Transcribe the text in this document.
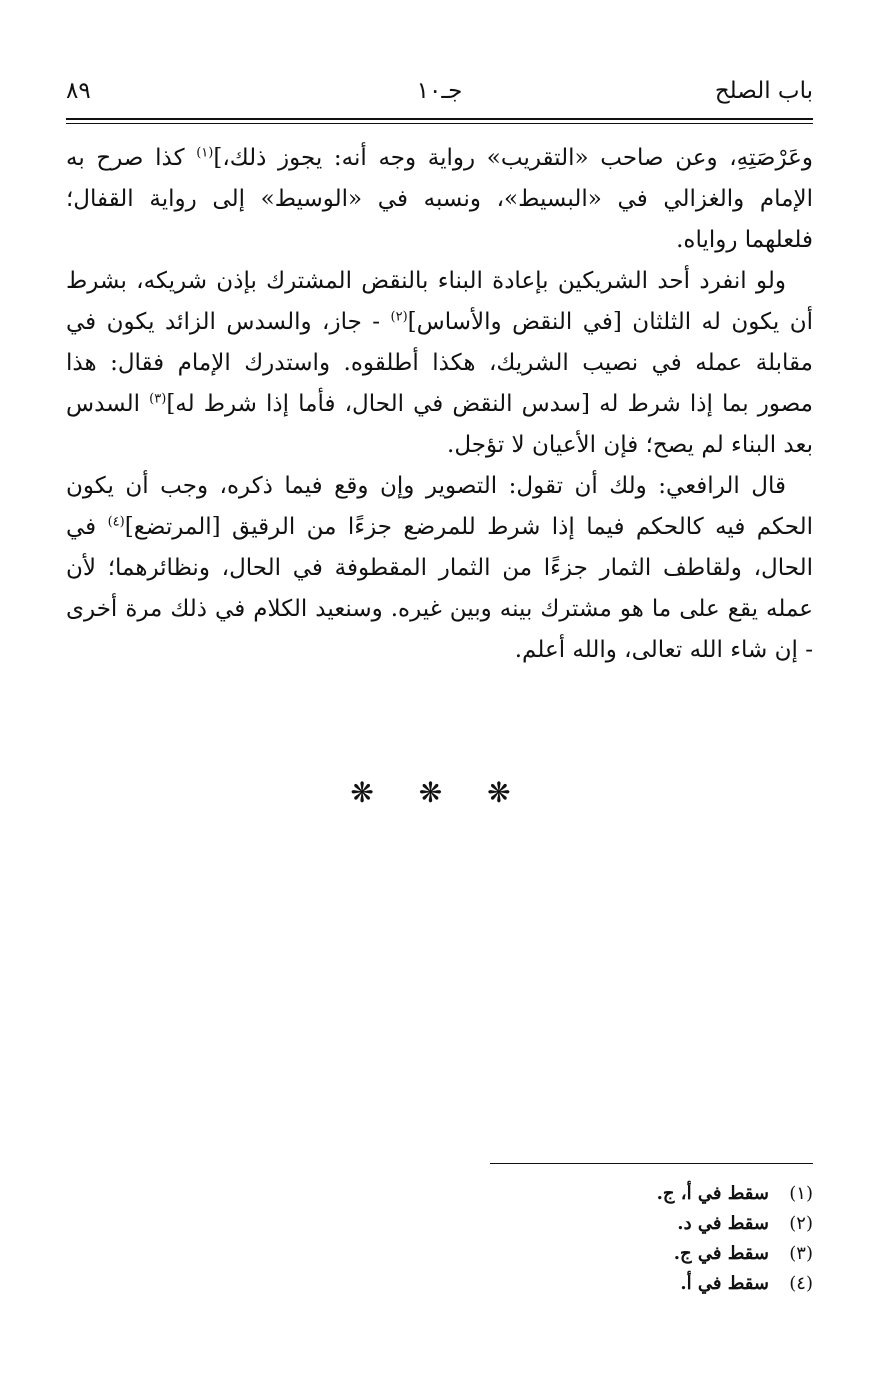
باب الصلح
جـ١٠
٨٩

وعَرْصَتِهِ، وعن صاحب «التقريب» رواية وجه أنه: يجوز ذلك،]$^{(١)}$ كذا صرح به الإمام والغزالي في «البسيط»، ونسبه في «الوسيط» إلى رواية القفال؛ فلعلهما رواياه.

ولو انفرد أحد الشريكين بإعادة البناء بالنقض المشترك بإذن شريكه، بشرط أن يكون له الثلثان [في النقض والأساس]$^{(٢)}$ - جاز، والسدس الزائد يكون في مقابلة عمله في نصيب الشريك، هكذا أطلقوه. واستدرك الإمام فقال: هذا مصور بما إذا شرط له [سدس النقض في الحال، فأما إذا شرط له]$^{(٣)}$ السدس بعد البناء لم يصح؛ فإن الأعيان لا تؤجل.

قال الرافعي: ولك أن تقول: التصوير وإن وقع فيما ذكره، وجب أن يكون الحكم فيه كالحكم فيما إذا شرط للمرضع جزءًا من الرقيق [المرتضع]$^{(٤)}$ في الحال، ولقاطف الثمار جزءًا من الثمار المقطوفة في الحال، ونظائرهما؛ لأن عمله يقع على ما هو مشترك بينه وبين غيره. وسنعيد الكلام في ذلك مرة أخرى - إن شاء الله تعالى، والله أعلم.

❋ ❋ ❋
(١)سقط في أ، ج.
(٢)سقط في د.
(٣)سقط في ج.
(٤)سقط في أ.
